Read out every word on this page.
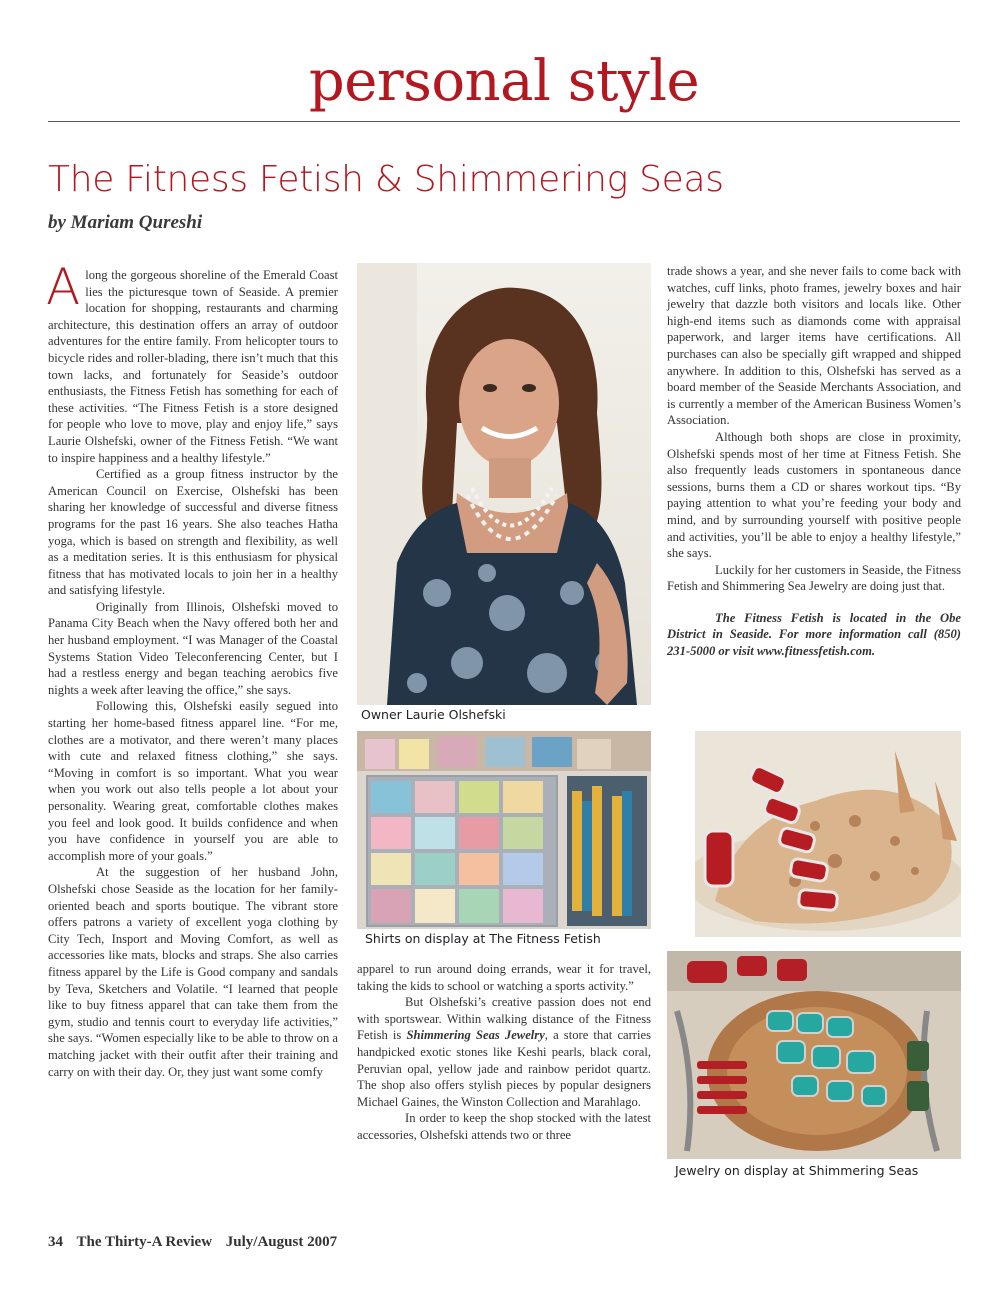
personal style
The Fitness Fetish & Shimmering Seas
by Mariam Qureshi

Along the gorgeous shoreline of the Emerald Coast lies the picturesque town of Seaside. A premier location for shopping, restaurants and charming architecture, this destination offers an array of outdoor adventures for the entire family. From helicopter tours to bicycle rides and roller-blading, there isn’t much that this town lacks, and fortunately for Seaside’s outdoor enthusiasts, the Fitness Fetish has something for each of these activities. “The Fitness Fetish is a store designed for people who love to move, play and enjoy life,” says Laurie Olshefski, owner of the Fitness Fetish. “We want to inspire happiness and a healthy lifestyle.”

Certified as a group fitness instructor by the American Council on Exercise, Olshefski has been sharing her knowledge of successful and diverse fitness programs for the past 16 years. She also teaches Hatha yoga, which is based on strength and flexibility, as well as a meditation series. It is this enthusiasm for physical fitness that has motivated locals to join her in a healthy and satisfying lifestyle.

Originally from Illinois, Olshefski moved to Panama City Beach when the Navy offered both her and her husband employment. “I was Manager of the Coastal Systems Station Video Teleconferencing Center, but I had a restless energy and began teaching aerobics five nights a week after leaving the office,” she says.

Following this, Olshefski easily segued into starting her home-based fitness apparel line. “For me, clothes are a motivator, and there weren’t many places with cute and relaxed fitness clothing,” she says. “Moving in comfort is so important. What you wear when you work out also tells people a lot about your personality. Wearing great, comfortable clothes makes you feel and look good. It builds confidence and when you have confidence in yourself you are able to accomplish more of your goals.”

At the suggestion of her husband John, Olshefski chose Seaside as the location for her family-oriented beach and sports boutique. The vibrant store offers patrons a variety of excellent yoga clothing by City Tech, Insport and Moving Comfort, as well as accessories like mats, blocks and straps. She also carries fitness apparel by the Life is Good company and sandals by Teva, Sketchers and Volatile. “I learned that people like to buy fitness apparel that can take them from the gym, studio and tennis court to everyday life activities,” she says. “Women especially like to be able to throw on a matching jacket with their outfit after their training and carry on with their day. Or, they just want some comfy

Owner Laurie Olshefski
Shirts on display at The Fitness Fetish

apparel to run around doing errands, wear it for travel, taking the kids to school or watching a sports activity.”

But Olshefski’s creative passion does not end with sportswear. Within walking distance of the Fitness Fetish is Shimmering Seas Jewelry, a store that carries handpicked exotic stones like Keshi pearls, black coral, Peruvian opal, yellow jade and rainbow peridot quartz. The shop also offers stylish pieces by popular designers Michael Gaines, the Winston Collection and Marahlago.

In order to keep the shop stocked with the latest accessories, Olshefski attends two or three

trade shows a year, and she never fails to come back with watches, cuff links, photo frames, jewelry boxes and hair jewelry that dazzle both visitors and locals like. Other high-end items such as diamonds come with appraisal paperwork, and larger items have certifications. All purchases can also be specially gift wrapped and shipped anywhere. In addition to this, Olshefski has served as a board member of the Seaside Merchants Association, and is currently a member of the American Business Women’s Association.

Although both shops are close in proximity, Olshefski spends most of her time at Fitness Fetish. She also frequently leads customers in spontaneous dance sessions, burns them a CD or shares workout tips. “By paying attention to what you’re feeding your body and mind, and by surrounding yourself with positive people and activities, you’ll be able to enjoy a healthy lifestyle,” she says.

Luckily for her customers in Seaside, the Fitness Fetish and Shimmering Sea Jewelry are doing just that.

The Fitness Fetish is located in the Obe District in Seaside. For more information call (850) 231-5000 or visit www.fitnessfetish.com.

Jewelry on display at Shimmering Seas
34 The Thirty-A Review July/August 2007
